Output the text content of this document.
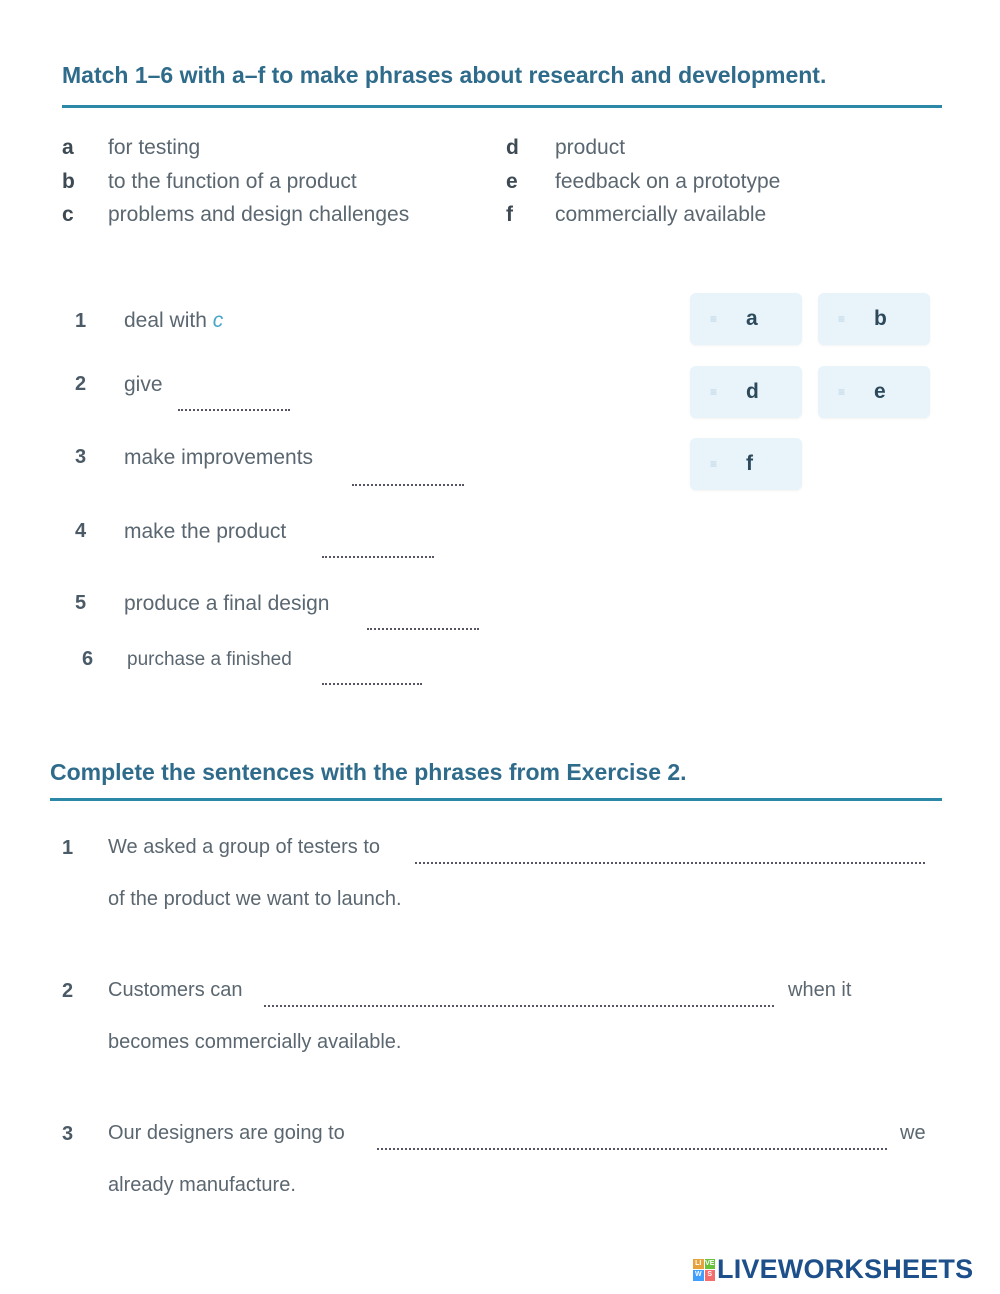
Match 1–6 with a–f to make phrases about research and development.
a for testing
b to the function of a product
c problems and design challenges
d product
e feedback on a prototype
f commercially available
1 deal with c
2 give
3 make improvements
4 make the product
5 produce a final design
6 purchase a finished
≡	a	≡	b
≡	d	≡	e
≡	f
Complete the sentences with the phrases from Exercise 2.
1 We asked a group of testers to
of the product we want to launch.
2 Customers can	when it
becomes commercially available.
3 Our designers are going to	we
already manufacture.
LI VE
W S LIVEWORKSHEETS
